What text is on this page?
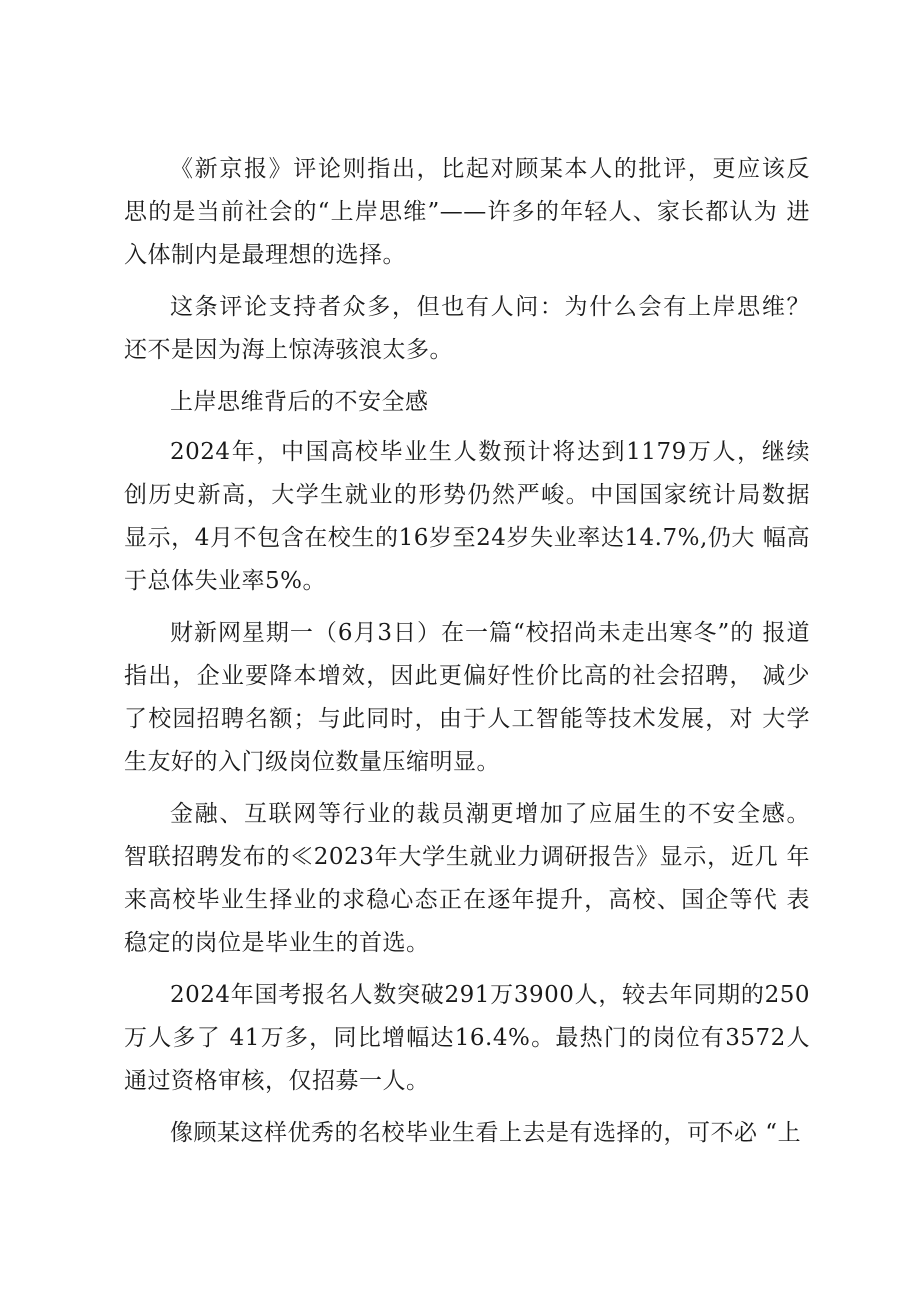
《新京报》评论则指出，比起对顾某本人的批评，更应该反 思的是当前社会的“上岸思维”——许多的年轻人、家长都认为 进入体制内是最理想的选择。

这条评论支持者众多，但也有人问：为什么会有上岸思维？ 还不是因为海上惊涛骇浪太多。

上岸思维背后的不安全感

2024年，中国高校毕业生人数预计将达到1179万人，继续 创历史新高，大学生就业的形势仍然严峻。中国国家统计局数据 显示，4月不包含在校生的16岁至24岁失业率达14.7%,仍大 幅高于总体失业率5%。

财新网星期一（6月3日）在一篇“校招尚未走出寒冬”的 报道指出，企业要降本增效，因此更偏好性价比高的社会招聘， 减少了校园招聘名额；与此同时，由于人工智能等技术发展，对 大学生友好的入门级岗位数量压缩明显。

金融、互联网等行业的裁员潮更增加了应届生的不安全感。 智联招聘发布的≪2023年大学生就业力调研报告》显示，近几 年来高校毕业生择业的求稳心态正在逐年提升，高校、国企等代 表稳定的岗位是毕业生的首选。

2024年国考报名人数突破291万3900人，较去年同期的250 万人多了 41万多，同比增幅达16.4%。最热门的岗位有3572人 通过资格审核，仅招募一人。

像顾某这样优秀的名校毕业生看上去是有选择的，可不必 “上
